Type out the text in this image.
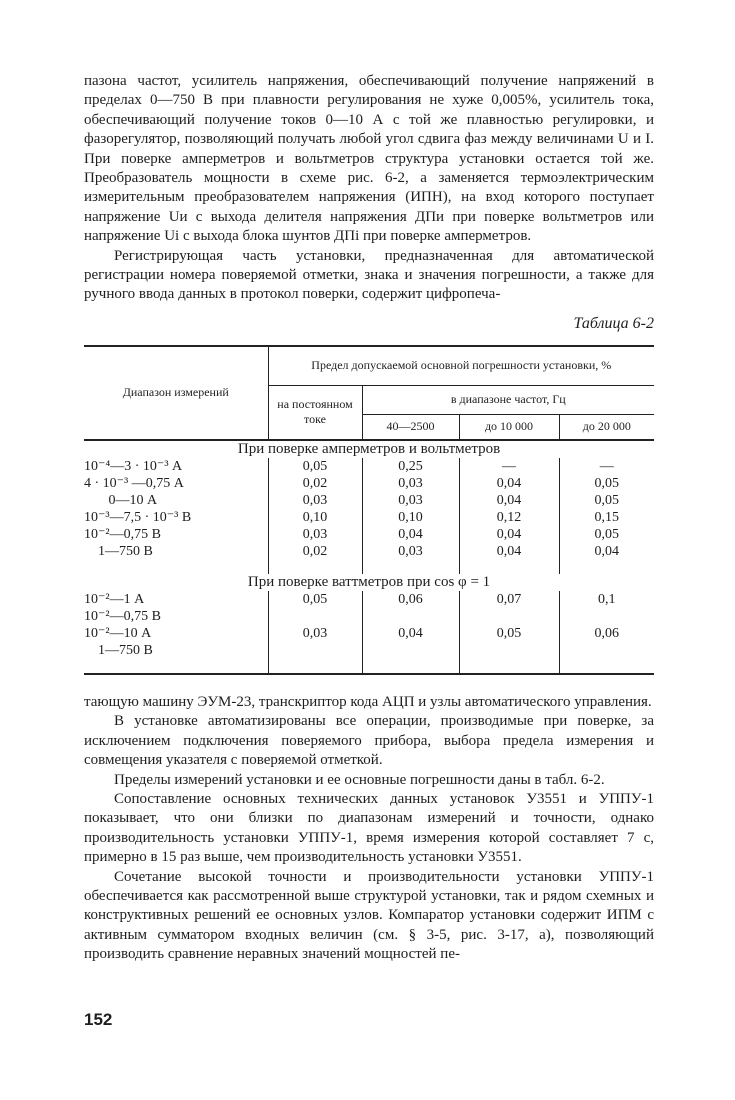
пазона частот, усилитель напряжения, обеспечивающий получение напряжений в пределах 0—750 В при плавности регулирования не хуже 0,005%, усилитель тока, обеспечивающий получение токов 0—10 А с той же плавностью регулировки, и фазорегулятор, позволяющий получать любой угол сдвига фаз между величинами U и I. При поверке амперметров и вольтметров структура установки остается той же. Преобразователь мощности в схеме рис. 6-2, а заменяется термоэлектрическим измерительным преобразователем напряжения (ИПН), на вход которого поступает напряжение Uи с выхода делителя напряжения ДПи при поверке вольтметров или напряжение Ui с выхода блока шунтов ДПi при поверке амперметров.

Регистрирующая часть установки, предназначенная для автоматической регистрации номера поверяемой отметки, знака и значения погрешности, а также для ручного ввода данных в протокол поверки, содержит цифропеча-

Таблица 6-2
Диапазон измерений	Предел допускаемой основной погрешности установки, %			
	на постоянном токе	в диапазоне частот, Гц		
		40—2500	до 10 000	до 20 000
При поверке амперметров и вольтметров				
10⁻⁴—3 · 10⁻³ А	0,05	0,25	—	—
4 · 10⁻³ —0,75 А	0,02	0,03	0,04	0,05
0—10 А	0,03	0,03	0,04	0,05
10⁻³—7,5 · 10⁻³ В	0,10	0,10	0,12	0,15
10⁻²—0,75 В	0,03	0,04	0,04	0,05
1—750 В	0,02	0,03	0,04	0,04

При поверке ваттметров при cos φ = 1				
10⁻²—1 А	0,05	0,06	0,07	0,1
10⁻²—0,75 В				
10⁻²—10 А	0,03	0,04	0,05	0,06
1—750 В				

тающую машину ЭУМ-23, транскриптор кода АЦП и узлы автоматического управления.

В установке автоматизированы все операции, производимые при поверке, за исключением подключения поверяемого прибора, выбора предела измерения и совмещения указателя с поверяемой отметкой.

Пределы измерений установки и ее основные погрешности даны в табл. 6-2.

Сопоставление основных технических данных установок У3551 и УППУ-1 показывает, что они близки по диапазонам измерений и точности, однако производительность установки УППУ-1, время измерения которой составляет 7 с, примерно в 15 раз выше, чем производительность установки У3551.

Сочетание высокой точности и производительности установки УППУ-1 обеспечивается как рассмотренной выше структурой установки, так и рядом схемных и конструктивных решений ее основных узлов. Компаратор установки содержит ИПМ с активным сумматором входных величин (см. § 3-5, рис. 3-17, а), позволяющий производить сравнение неравных значений мощностей пе-

152
